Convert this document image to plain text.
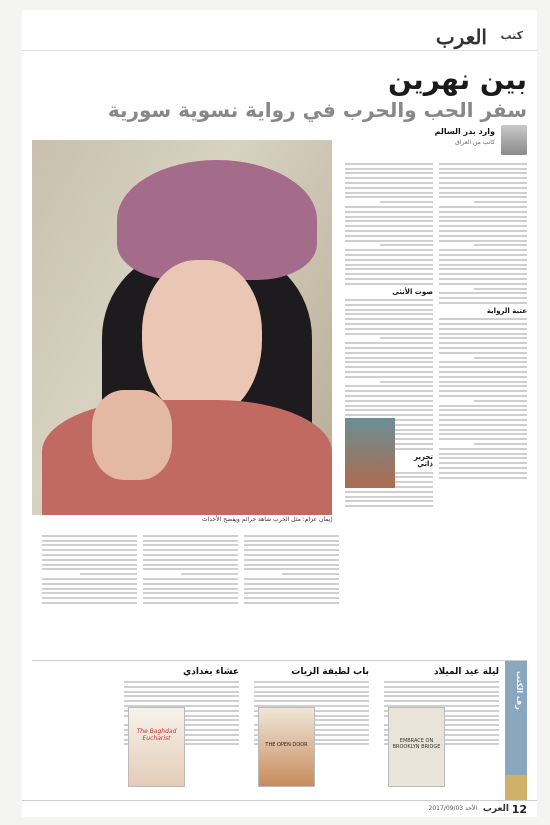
العرب كتب
بين نهرين
سفر الحب والحرب في رواية نسوية سورية
وارد بدر السالم
كاتب من العراق
إيمان عزام: مثل الحرب شاهد جرائم ويفضح الأحداث
عتبة الرواية
صوت الأنثى
تحرير ذاتي
رف الكتب
ليلة عيد الميلاد
EMBRACE ON BROOKLYN BRIDGE
باب لطيفة الزيات
THE OPEN DOOR
عشاء بغدادي
The Baghdad Eucharist
12
العرب
الأحد 2017/09/03
